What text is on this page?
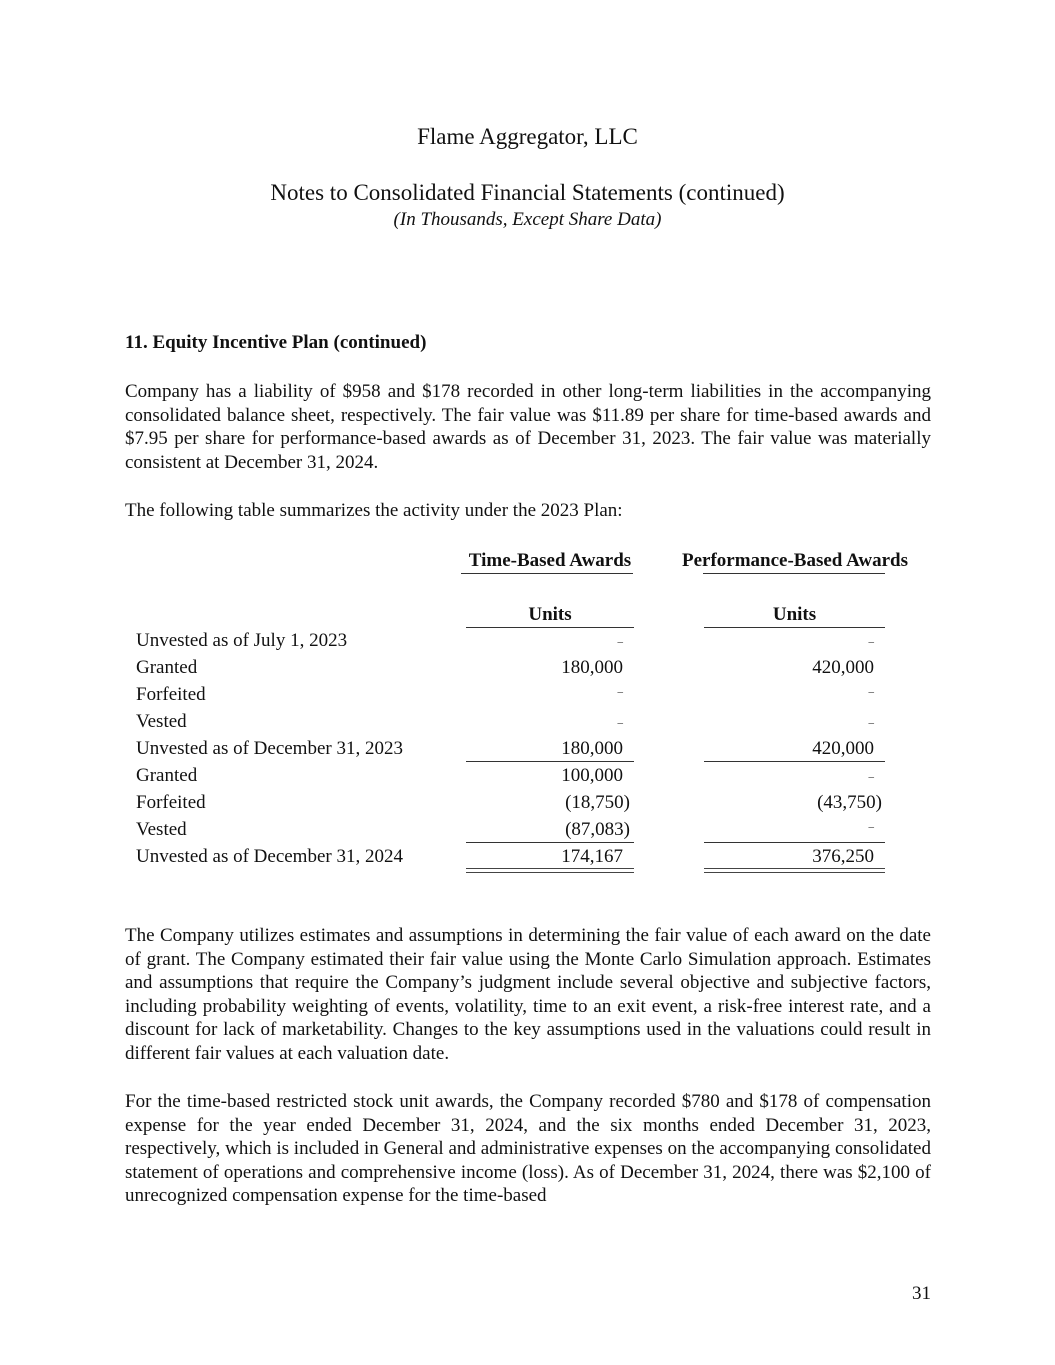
Flame Aggregator, LLC
Notes to Consolidated Financial Statements (continued)
(In Thousands, Except Share Data)
11. Equity Incentive Plan (continued)
Company has a liability of $958 and $178 recorded in other long-term liabilities in the accompanying consolidated balance sheet, respectively. The fair value was $11.89 per share for time-based awards and $7.95 per share for performance-based awards as of December 31, 2023. The fair value was materially consistent at December 31, 2024.
The following table summarizes the activity under the 2023 Plan:
Time-Based Awards	Performance-Based Awards
Units	Units
Unvested as of July 1, 2023	–	–
Granted	180,000	420,000
Forfeited	–	–
Vested	–	–
Unvested as of December 31, 2023	180,000	420,000
Granted	100,000	–
Forfeited	(18,750)	(43,750)
Vested	(87,083)	–
Unvested as of December 31, 2024	174,167	376,250
The Company utilizes estimates and assumptions in determining the fair value of each award on the date of grant. The Company estimated their fair value using the Monte Carlo Simulation approach. Estimates and assumptions that require the Company’s judgment include several objective and subjective factors, including probability weighting of events, volatility, time to an exit event, a risk-free interest rate, and a discount for lack of marketability. Changes to the key assumptions used in the valuations could result in different fair values at each valuation date.
For the time-based restricted stock unit awards, the Company recorded $780 and $178 of compensation expense for the year ended December 31, 2024, and the six months ended December 31, 2023, respectively, which is included in General and administrative expenses on the accompanying consolidated statement of operations and comprehensive income (loss). As of December 31, 2024, there was $2,100 of unrecognized compensation expense for the time-based
31
